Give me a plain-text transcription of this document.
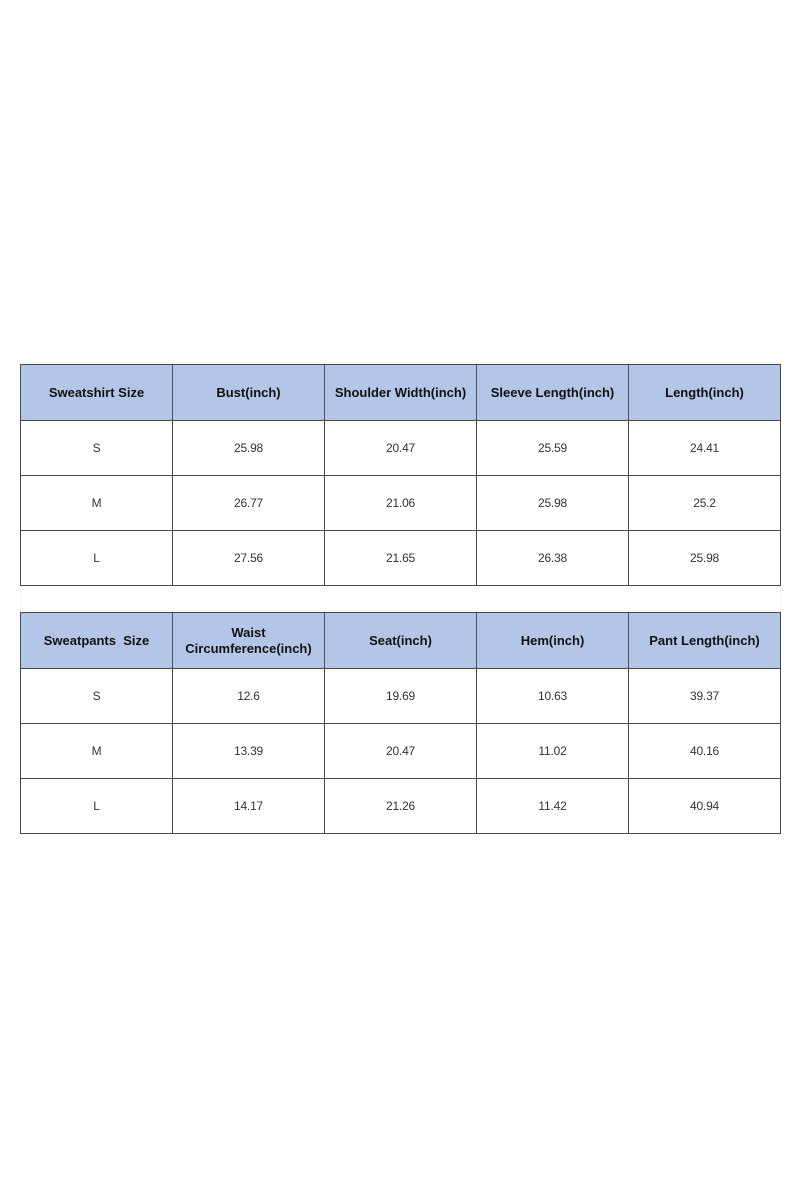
Sweatshirt Size	Bust(inch)	Shoulder Width(inch)	Sleeve Length(inch)	Length(inch)
S	25.98	20.47	25.59	24.41
M	26.77	21.06	25.98	25.2
L	27.56	21.65	26.38	25.98
Sweatpants  Size	Waist Circumference(inch)	Seat(inch)	Hem(inch)	Pant Length(inch)
S	12.6	19.69	10.63	39.37
M	13.39	20.47	11.02	40.16
L	14.17	21.26	11.42	40.94
